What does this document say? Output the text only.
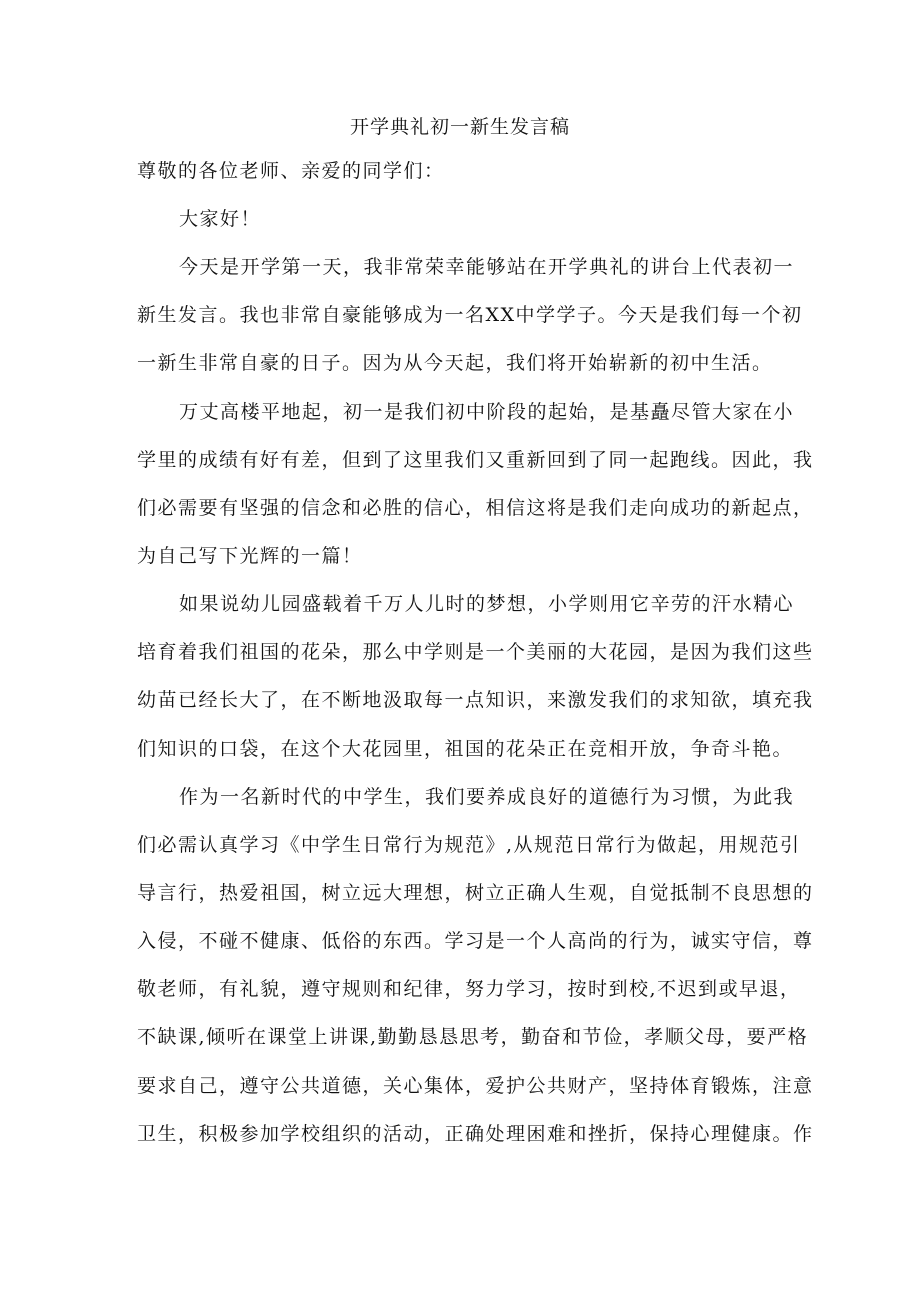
开学典礼初一新生发言稿
尊敬的各位老师、亲爱的同学们：
大家好！
今天是开学第一天，我非常荣幸能够站在开学典礼的讲台上代表初一
新生发言。我也非常自豪能够成为一名XX中学学子。今天是我们每一个初
一新生非常自豪的日子。因为从今天起，我们将开始崭新的初中生活。
万丈高楼平地起，初一是我们初中阶段的起始，是基矗尽管大家在小
学里的成绩有好有差，但到了这里我们又重新回到了同一起跑线。因此，我
们必需要有坚强的信念和必胜的信心，相信这将是我们走向成功的新起点，
为自己写下光辉的一篇！
如果说幼儿园盛载着千万人儿时的梦想，小学则用它辛劳的汗水精心
培育着我们祖国的花朵，那么中学则是一个美丽的大花园，是因为我们这些
幼苗已经长大了，在不断地汲取每一点知识，来激发我们的求知欲，填充我
们知识的口袋，在这个大花园里，祖国的花朵正在竞相开放，争奇斗艳。
作为一名新时代的中学生，我们要养成良好的道德行为习惯，为此我
们必需认真学习《中学生日常行为规范》,从规范日常行为做起，用规范引
导言行，热爱祖国，树立远大理想，树立正确人生观，自觉抵制不良思想的
入侵，不碰不健康、低俗的东西。学习是一个人高尚的行为，诚实守信，尊
敬老师，有礼貌，遵守规则和纪律，努力学习，按时到校,不迟到或早退，
不缺课,倾听在课堂上讲课,勤勤恳恳思考，勤奋和节俭，孝顺父母，要严格
要求自己，遵守公共道德，关心集体，爱护公共财产，坚持体育锻炼，注意
卫生，积极参加学校组织的活动，正确处理困难和挫折，保持心理健康。作
